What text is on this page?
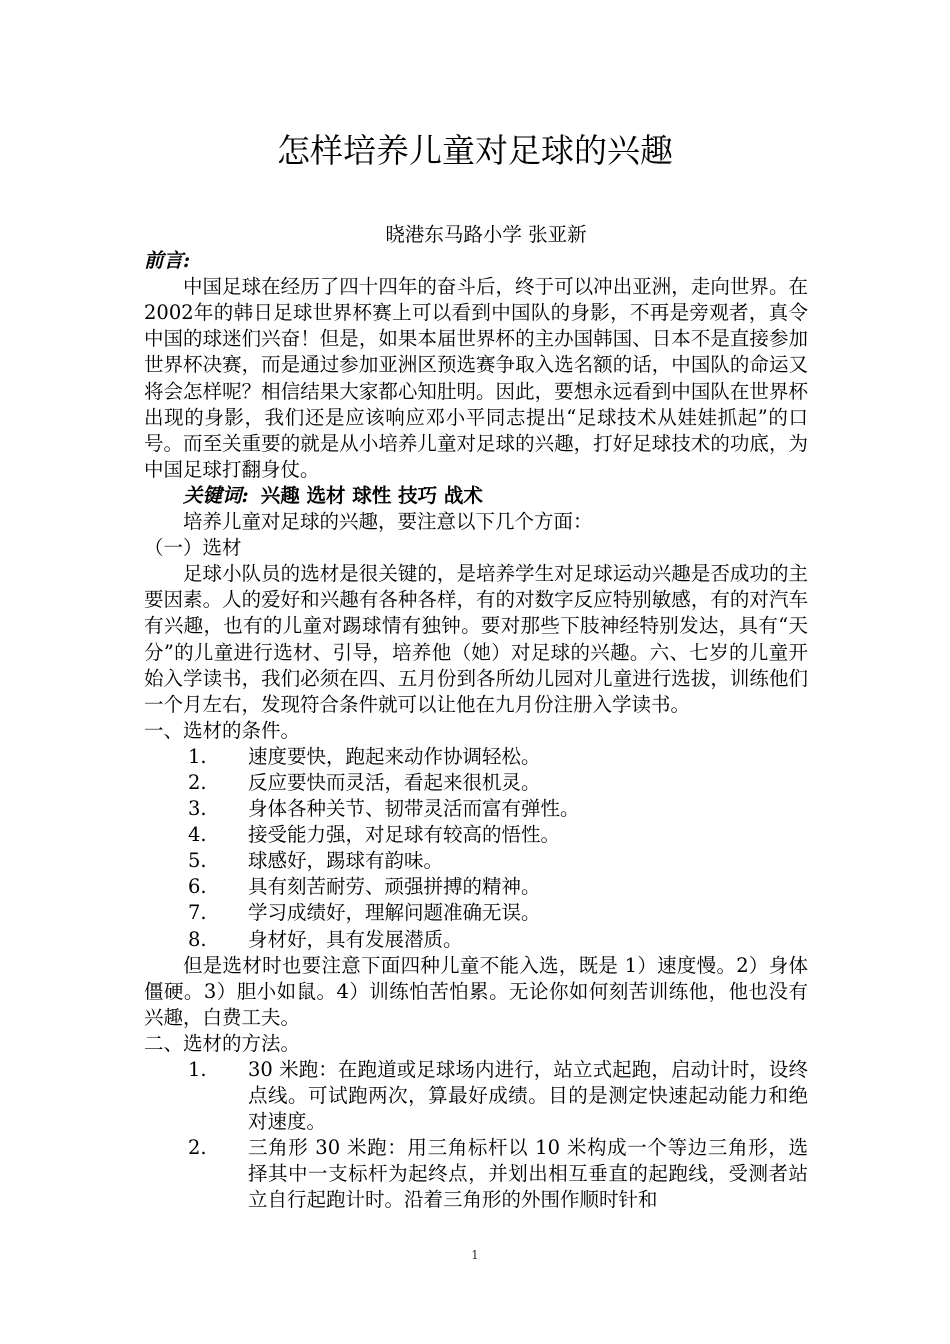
怎样培养儿童对足球的兴趣

晓港东马路小学 张亚新

前言:

中国足球在经历了四十四年的奋斗后，终于可以冲出亚洲，走向世界。在2002年的韩日足球世界杯赛上可以看到中国队的身影，不再是旁观者，真令中国的球迷们兴奋！但是，如果本届世界杯的主办国韩国、日本不是直接参加世界杯决赛，而是通过参加亚洲区预选赛争取入选名额的话，中国队的命运又将会怎样呢？相信结果大家都心知肚明。因此，要想永远看到中国队在世界杯出现的身影，我们还是应该响应邓小平同志提出“足球技术从娃娃抓起”的口号。而至关重要的就是从小培养儿童对足球的兴趣，打好足球技术的功底，为中国足球打翻身仗。

关键词: 兴趣 选材 球性 技巧 战术

培养儿童对足球的兴趣，要注意以下几个方面：

（一）选材

足球小队员的选材是很关键的，是培养学生对足球运动兴趣是否成功的主要因素。人的爱好和兴趣有各种各样，有的对数字反应特别敏感，有的对汽车有兴趣，也有的儿童对踢球情有独钟。要对那些下肢神经特别发达，具有“天分”的儿童进行选材、引导，培养他（她）对足球的兴趣。六、七岁的儿童开始入学读书，我们必须在四、五月份到各所幼儿园对儿童进行选拔，训练他们一个月左右，发现符合条件就可以让他在九月份注册入学读书。

一、选材的条件。

1.	速度要快，跑起来动作协调轻松。
2.	反应要快而灵活，看起来很机灵。
3.	身体各种关节、韧带灵活而富有弹性。
4.	接受能力强，对足球有较高的悟性。
5.	球感好，踢球有韵味。
6.	具有刻苦耐劳、顽强拼搏的精神。
7.	学习成绩好，理解问题准确无误。
8.	身材好，具有发展潜质。

但是选材时也要注意下面四种儿童不能入选，既是 1）速度慢。2）身体僵硬。3）胆小如鼠。4）训练怕苦怕累。无论你如何刻苦训练他，他也没有兴趣，白费工夫。

二、选材的方法。

1.	30 米跑：在跑道或足球场内进行，站立式起跑，启动计时，设终点线。可试跑两次，算最好成绩。目的是测定快速起动能力和绝对速度。
2.	三角形 30 米跑：用三角标杆以 10 米构成一个等边三角形，选择其中一支标杆为起终点，并划出相互垂直的起跑线，受测者站立自行起跑计时。沿着三角形的外围作顺时针和
1
